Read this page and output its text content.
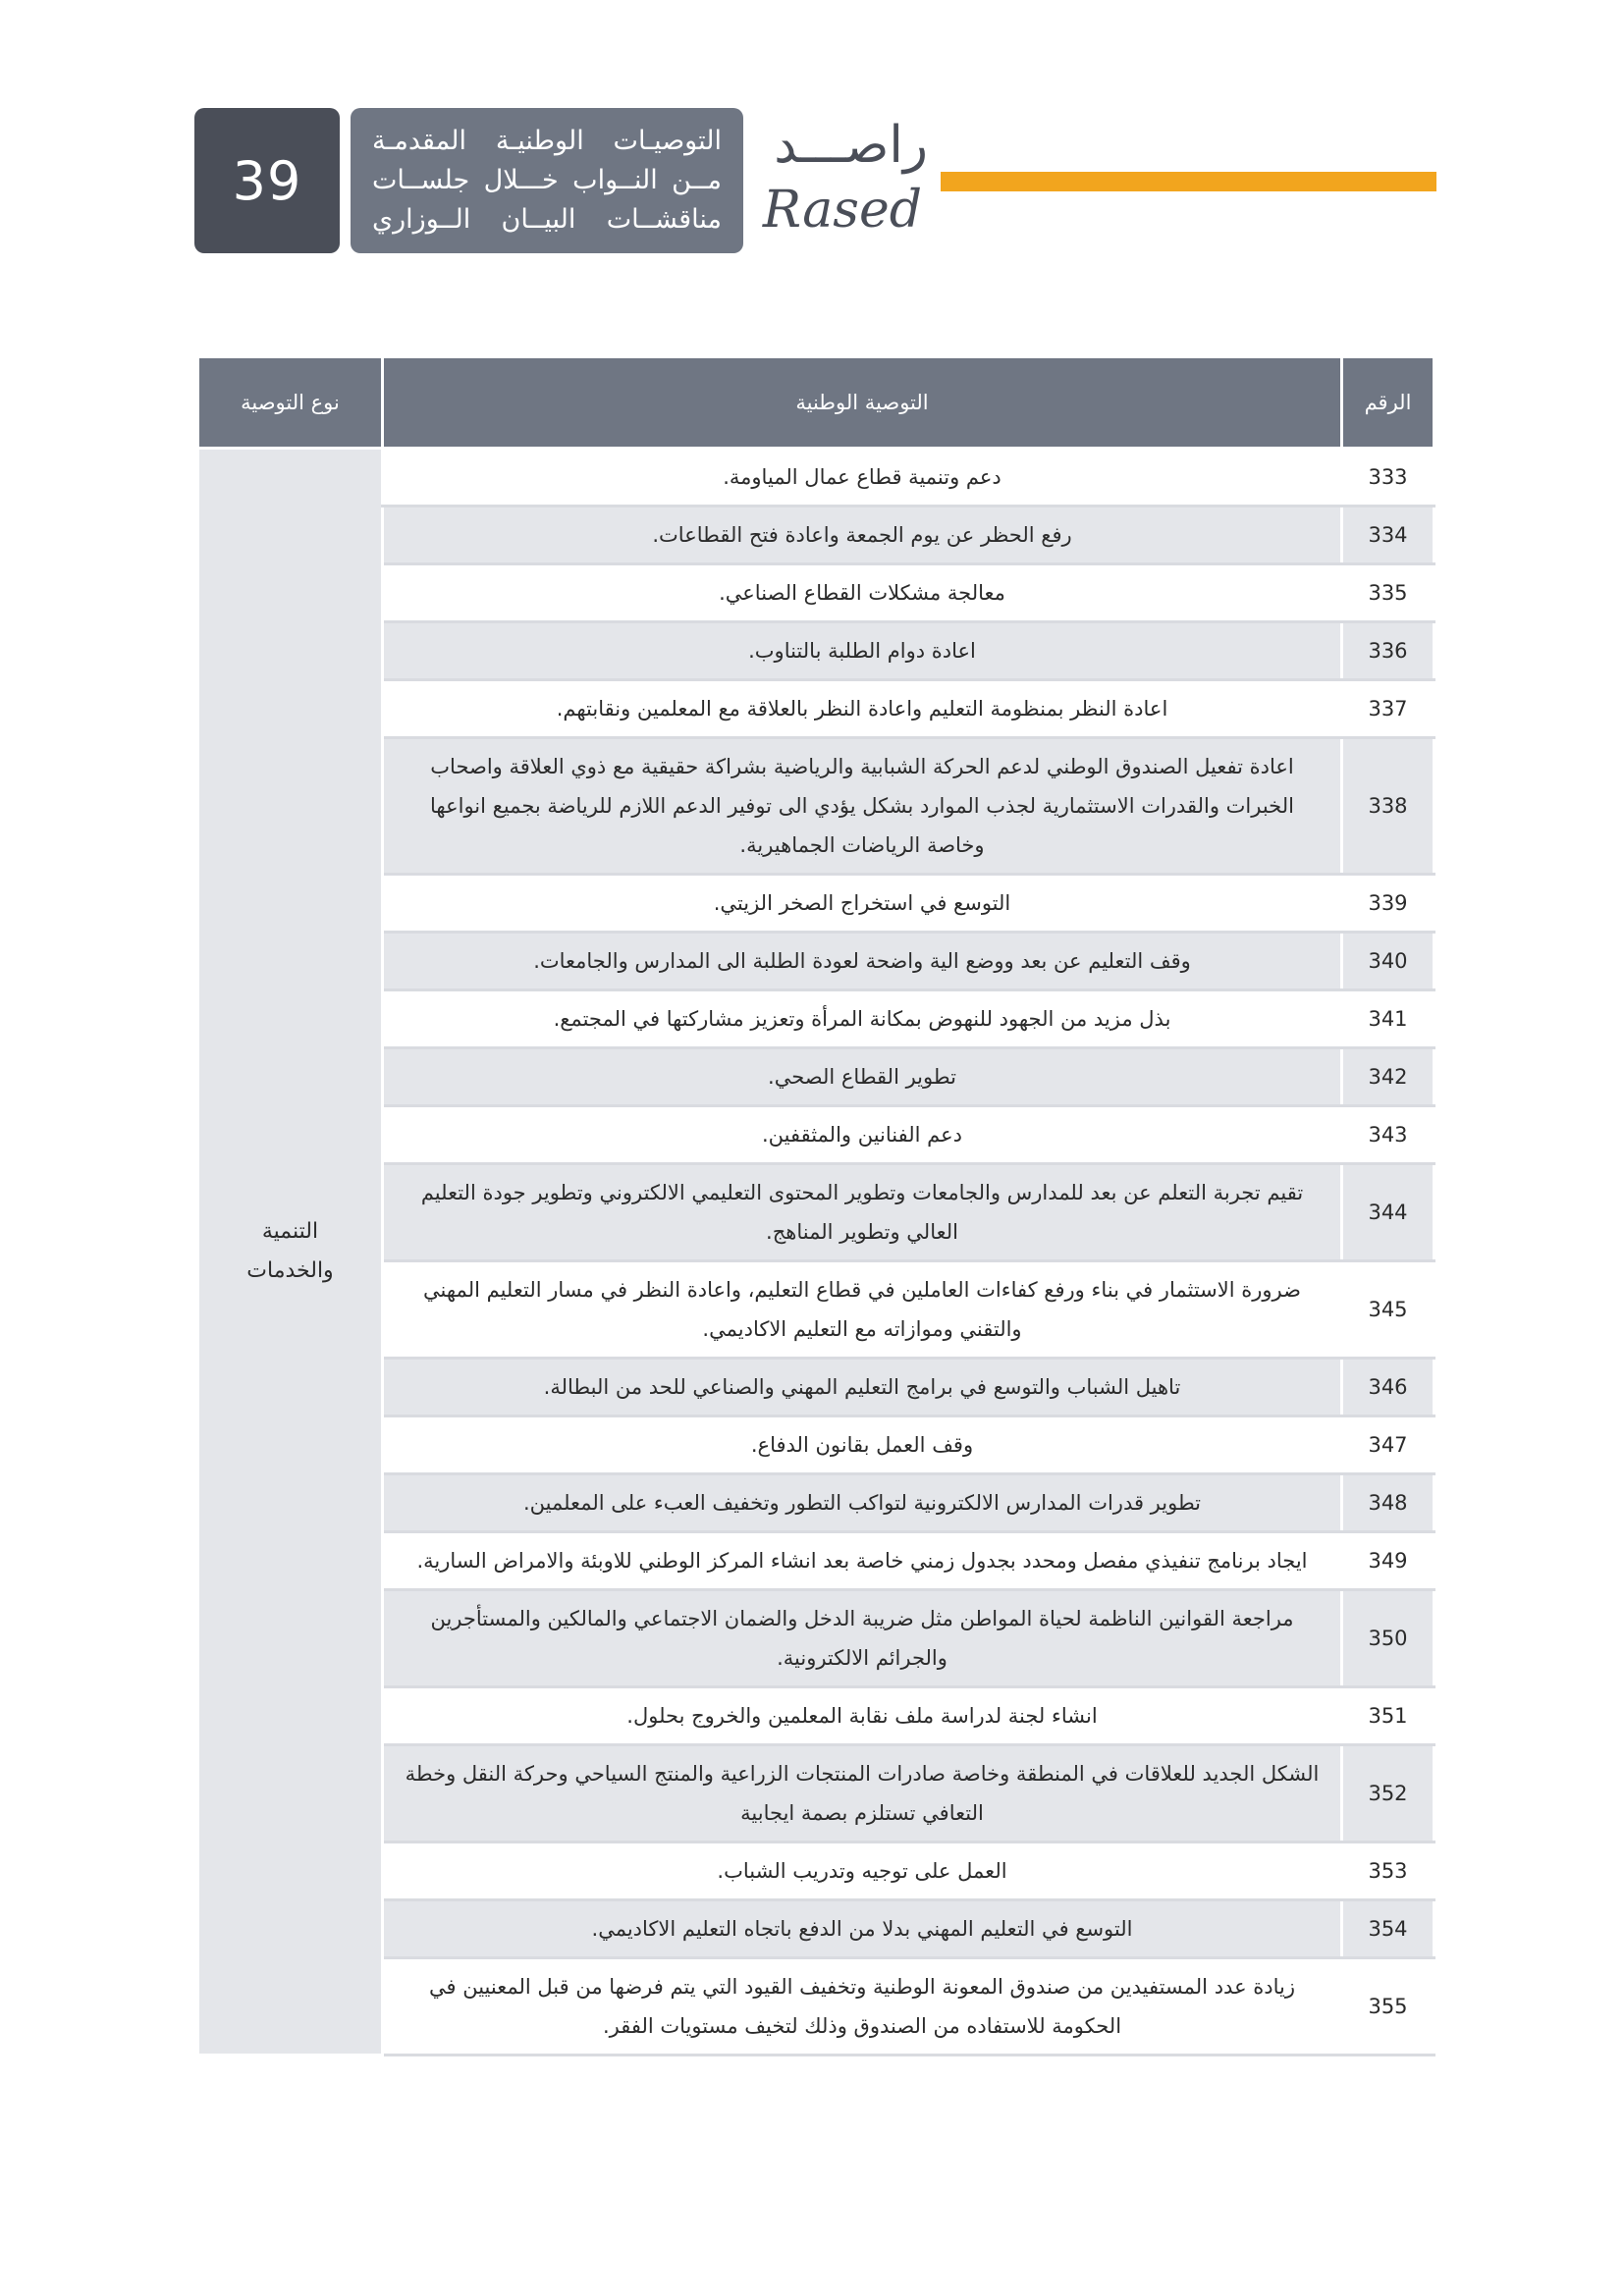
39
التوصيـات الوطنيـة المقدمـة
مــن النــواب خـــلال جلســات
مناقشــات البيــان الــوزاري
راصـــد
Rased
الرقم	التوصية الوطنية	نوع التوصية
333	دعم وتنمية قطاع عمال المياومة.	التنمية والخدمات
334	رفع الحظر عن يوم الجمعة واعادة فتح القطاعات.	
335	معالجة مشكلات القطاع الصناعي.	
336	اعادة دوام الطلبة بالتناوب.	
337	اعادة النظر بمنظومة التعليم واعادة النظر بالعلاقة مع المعلمين ونقابتهم.	
338	اعادة تفعيل الصندوق الوطني لدعم الحركة الشبابية والرياضية بشراكة حقيقية مع ذوي العلاقة واصحاب الخبرات والقدرات الاستثمارية لجذب الموارد بشكل يؤدي الى توفير الدعم اللازم للرياضة بجميع انواعها وخاصة الرياضات الجماهيرية.	
339	التوسع في استخراج الصخر الزيتي.	
340	وقف التعليم عن بعد ووضع الية واضحة لعودة الطلبة الى المدارس والجامعات.	
341	بذل مزيد من الجهود للنهوض بمكانة المرأة وتعزيز مشاركتها في المجتمع.	
342	تطوير القطاع الصحي.	
343	دعم الفنانين والمثقفين.	
344	تقيم تجربة التعلم عن بعد للمدارس والجامعات وتطوير المحتوى التعليمي الالكتروني وتطوير جودة التعليم العالي وتطوير المناهج.	
345	ضرورة الاستثمار في بناء ورفع كفاءات العاملين في قطاع التعليم، واعادة النظر في مسار التعليم المهني والتقني وموازاته مع التعليم الاكاديمي.	
346	تاهيل الشباب والتوسع في برامج التعليم المهني والصناعي للحد من البطالة.	
347	وقف العمل بقانون الدفاع.	
348	تطوير قدرات المدارس الالكترونية لتواكب التطور وتخفيف العبء على المعلمين.	
349	ايجاد برنامج تنفيذي مفصل ومحدد بجدول زمني خاصة بعد انشاء المركز الوطني للاوبئة والامراض السارية.	
350	مراجعة القوانين الناظمة لحياة المواطن مثل ضريبة الدخل والضمان الاجتماعي والمالكين والمستأجرين والجرائم الالكترونية.	
351	انشاء لجنة لدراسة ملف نقابة المعلمين والخروج بحلول.	
352	الشكل الجديد للعلاقات في المنطقة وخاصة صادرات المنتجات الزراعية والمنتج السياحي وحركة النقل وخطة التعافي تستلزم بصمة ايجابية	
353	العمل على توجيه وتدريب الشباب.	
354	التوسع في التعليم المهني بدلا من الدفع باتجاه التعليم الاكاديمي.	
355	زيادة عدد المستفيدين من صندوق المعونة الوطنية وتخفيف القيود التي يتم فرضها من قبل المعنيين في الحكومة للاستفاده من الصندوق وذلك لتخيف مستويات الفقر.	
